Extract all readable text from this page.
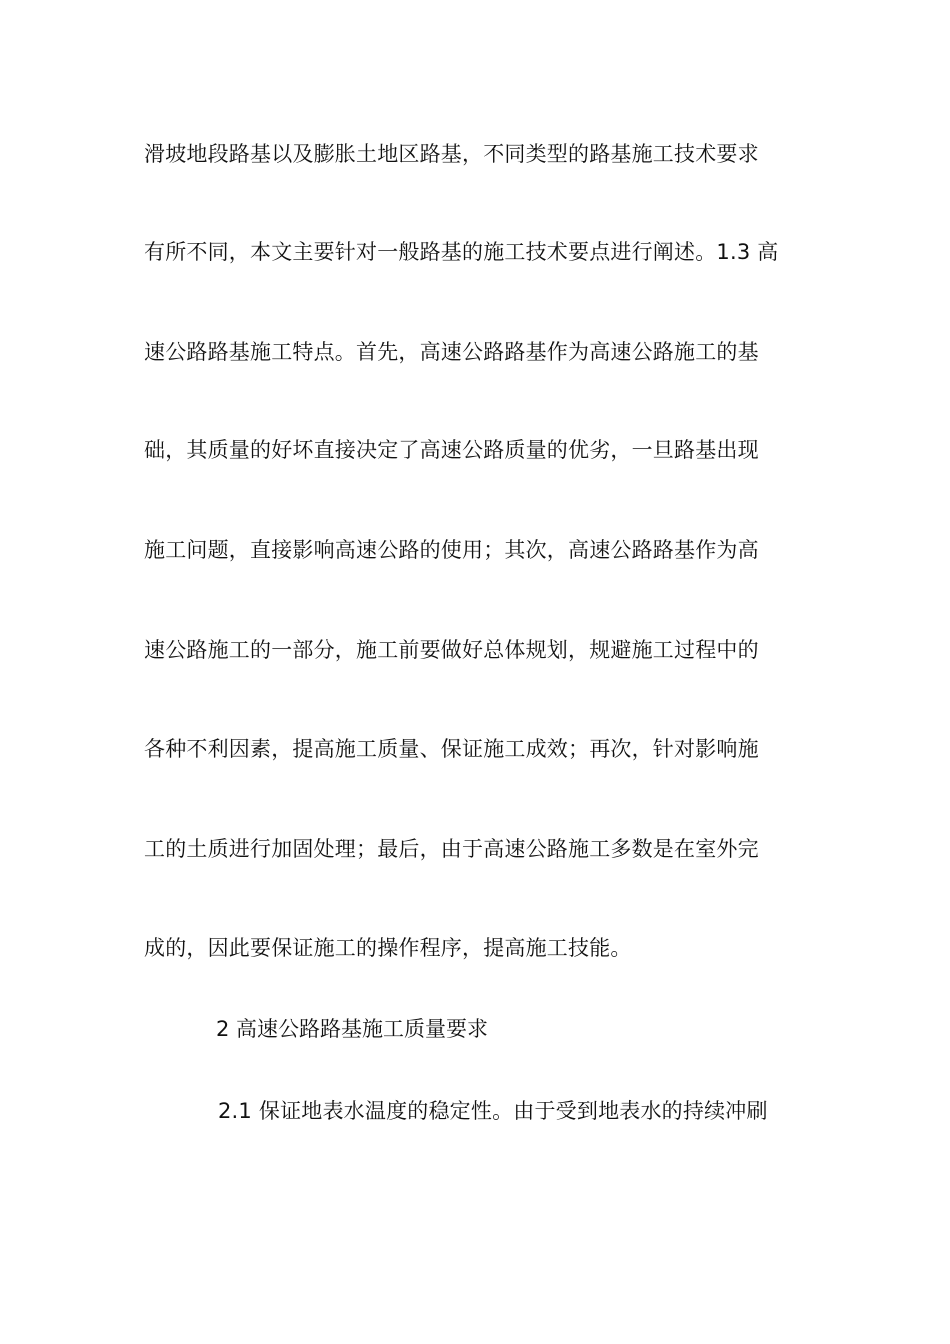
滑坡地段路基以及膨胀土地区路基，不同类型的路基施工技术要求
有所不同，本文主要针对一般路基的施工技术要点进行阐述。1.3 高
速公路路基施工特点。首先，高速公路路基作为高速公路施工的基
础，其质量的好坏直接决定了高速公路质量的优劣，一旦路基出现
施工问题，直接影响高速公路的使用；其次，高速公路路基作为高
速公路施工的一部分，施工前要做好总体规划，规避施工过程中的
各种不利因素，提高施工质量、保证施工成效；再次，针对影响施
工的土质进行加固处理；最后，由于高速公路施工多数是在室外完
成的，因此要保证施工的操作程序，提高施工技能。
2 高速公路路基施工质量要求
2.1 保证地表水温度的稳定性。由于受到地表水的持续冲刷
